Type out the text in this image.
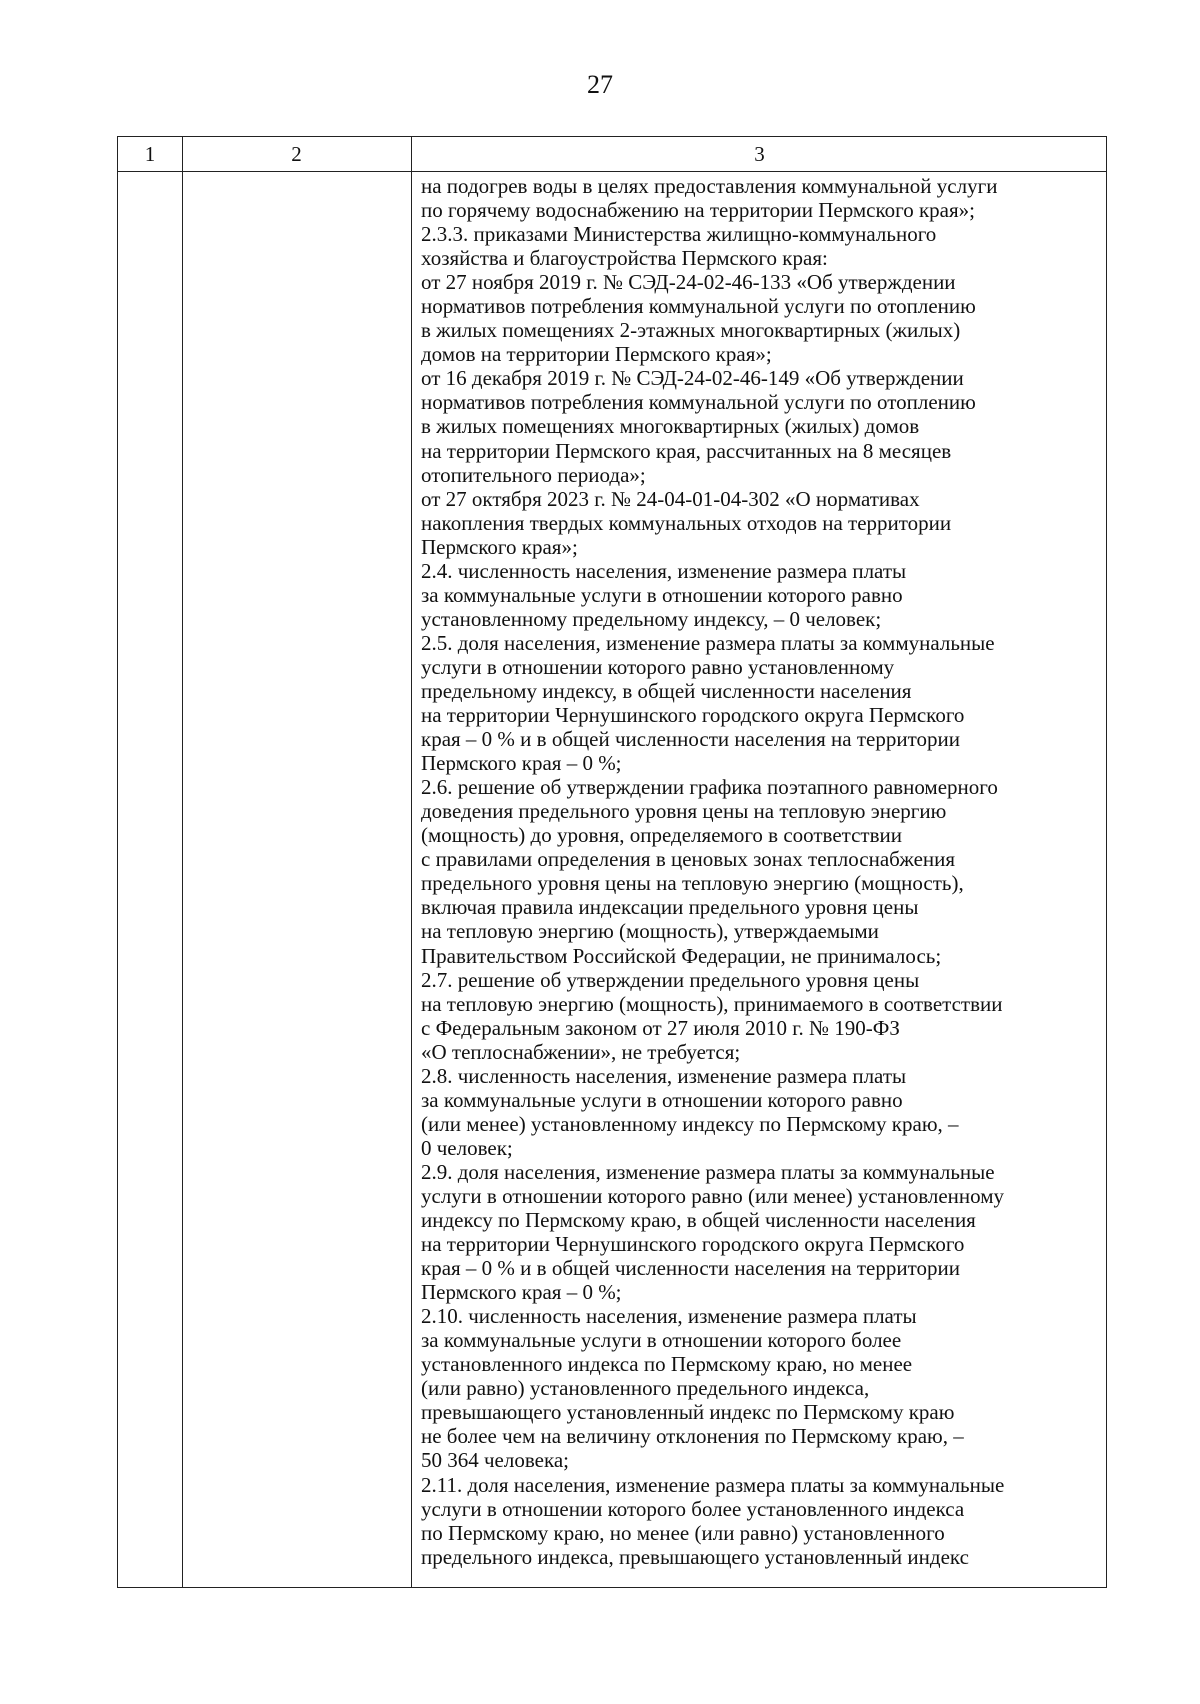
27
1	2	3
на подогрев воды в целях предоставления коммунальной услуги
по горячему водоснабжению на территории Пермского края»;
2.3.3. приказами Министерства жилищно-коммунального
хозяйства и благоустройства Пермского края:
от 27 ноября 2019 г. № СЭД-24-02-46-133 «Об утверждении
нормативов потребления коммунальной услуги по отоплению
в жилых помещениях 2-этажных многоквартирных (жилых)
домов на территории Пермского края»;
от 16 декабря 2019 г. № СЭД-24-02-46-149 «Об утверждении
нормативов потребления коммунальной услуги по отоплению
в жилых помещениях многоквартирных (жилых) домов
на территории Пермского края, рассчитанных на 8 месяцев
отопительного периода»;
от 27 октября 2023 г. № 24-04-01-04-302 «О нормативах
накопления твердых коммунальных отходов на территории
Пермского края»;
2.4. численность населения, изменение размера платы
за коммунальные услуги в отношении которого равно
установленному предельному индексу, – 0 человек;
2.5. доля населения, изменение размера платы за коммунальные
услуги в отношении которого равно установленному
предельному индексу, в общей численности населения
на территории Чернушинского городского округа Пермского
края – 0 % и в общей численности населения на территории
Пермского края – 0 %;
2.6. решение об утверждении графика поэтапного равномерного
доведения предельного уровня цены на тепловую энергию
(мощность) до уровня, определяемого в соответствии
с правилами определения в ценовых зонах теплоснабжения
предельного уровня цены на тепловую энергию (мощность),
включая правила индексации предельного уровня цены
на тепловую энергию (мощность), утверждаемыми
Правительством Российской Федерации, не принималось;
2.7. решение об утверждении предельного уровня цены
на тепловую энергию (мощность), принимаемого в соответствии
с Федеральным законом от 27 июля 2010 г. № 190-ФЗ
«О теплоснабжении», не требуется;
2.8. численность населения, изменение размера платы
за коммунальные услуги в отношении которого равно
(или менее) установленному индексу по Пермскому краю, –
0 человек;
2.9. доля населения, изменение размера платы за коммунальные
услуги в отношении которого равно (или менее) установленному
индексу по Пермскому краю, в общей численности населения
на территории Чернушинского городского округа Пермского
края – 0 % и в общей численности населения на территории
Пермского края – 0 %;
2.10. численность населения, изменение размера платы
за коммунальные услуги в отношении которого более
установленного индекса по Пермскому краю, но менее
(или равно) установленного предельного индекса,
превышающего установленный индекс по Пермскому краю
не более чем на величину отклонения по Пермскому краю, –
50 364 человека;
2.11. доля населения, изменение размера платы за коммунальные
услуги в отношении которого более установленного индекса
по Пермскому краю, но менее (или равно) установленного
предельного индекса, превышающего установленный индекс
